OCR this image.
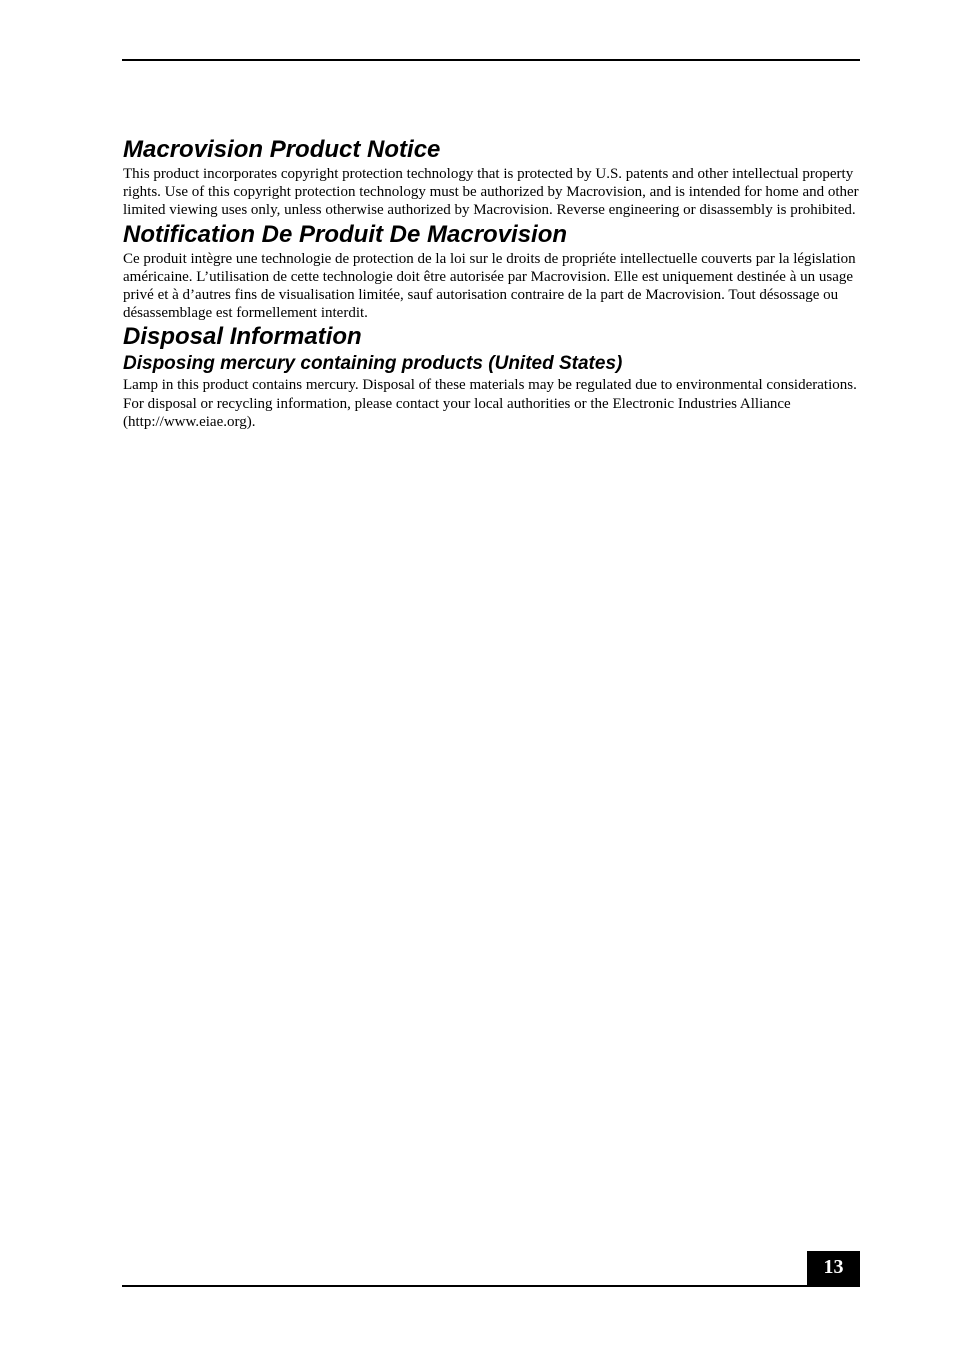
Macrovision Product Notice

This product incorporates copyright protection technology that is protected by U.S. patents and other intellectual property rights. Use of this copyright protection technology must be authorized by Macrovision, and is intended for home and other limited viewing uses only, unless otherwise authorized by Macrovision. Reverse engineering or disassembly is prohibited.

Notification De Produit De Macrovision

Ce produit intègre une technologie de protection de la loi sur le droits de propriéte intellectuelle couverts par la législation américaine. L’utilisation de cette technologie doit être autorisée par Macrovision. Elle est uniquement destinée à un usage privé et à d’autres fins de visualisation limitée, sauf autorisation contraire de la part de Macrovision. Tout désossage ou désassemblage est formellement interdit.

Disposal Information
Disposing mercury containing products (United States)

Lamp in this product contains mercury. Disposal of these materials may be regulated due to environmental considerations.

For disposal or recycling information, please contact your local authorities or the Electronic Industries Alliance (http://www.eiae.org).

13
